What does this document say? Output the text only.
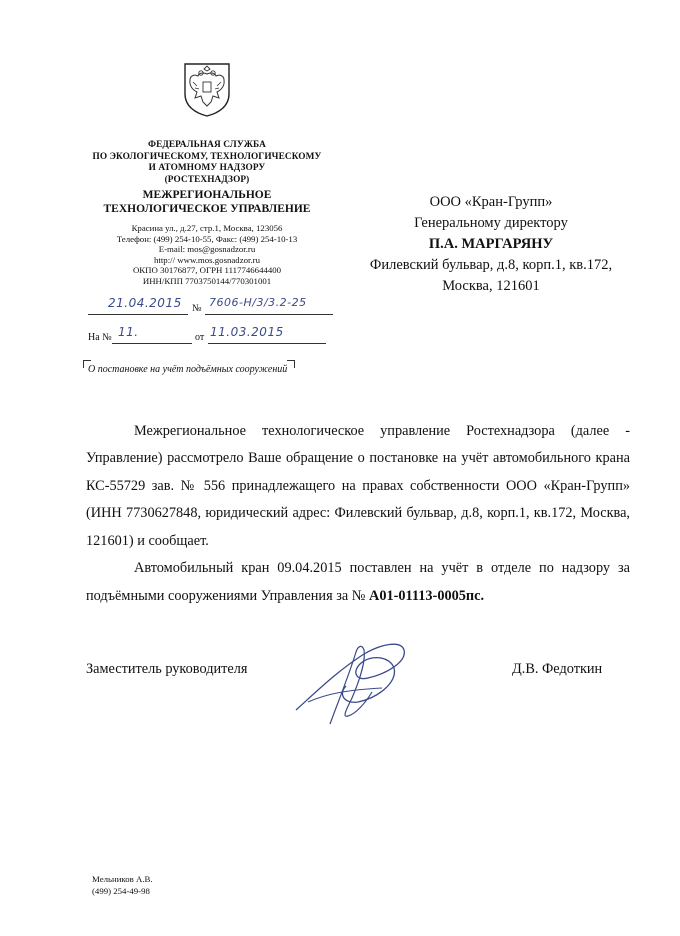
ФЕДЕРАЛЬНАЯ СЛУЖБА
ПО ЭКОЛОГИЧЕСКОМУ, ТЕХНОЛОГИЧЕСКОМУ
И АТОМНОМУ НАДЗОРУ
(РОСТЕХНАДЗОР)
МЕЖРЕГИОНАЛЬНОЕ
ТЕХНОЛОГИЧЕСКОЕ УПРАВЛЕНИЕ
Красина ул., д.27, стр.1, Москва, 123056
Телефон: (499) 254-10-55, Факс: (499) 254-10-13
E-mail: mos@gosnadzor.ru
http:// www.mos.gosnadzor.ru
ОКПО 30176877, ОГРН 1117746644400
ИНН/КПП 7703750144/770301001
21.04.2015 № 7606-Н/3/3.2-25
На № 11.	от 11.03.2015
О постановке на учёт подъёмных сооружений
ООО «Кран-Групп»
Генеральному директору
П.А. МАРГАРЯНУ
Филевский бульвар, д.8, корп.1, кв.172,
Москва, 121601

Межрегиональное технологическое управление Ростехнадзора (далее - Управление) рассмотрело Ваше обращение о постановке на учёт автомобильного крана КС-55729 зав. № 556 принадлежащего на правах собственности ООО «Кран-Групп» (ИНН 7730627848, юридический адрес: Филевский бульвар, д.8, корп.1, кв.172, Москва, 121601) и сообщает.

Автомобильный кран 09.04.2015 поставлен на учёт в отделе по надзору за подъёмными сооружениями Управления за № А01-01113-0005пс.

Заместитель руководителя	Д.В. Федоткин
Мельников А.В.
(499) 254-49-98
